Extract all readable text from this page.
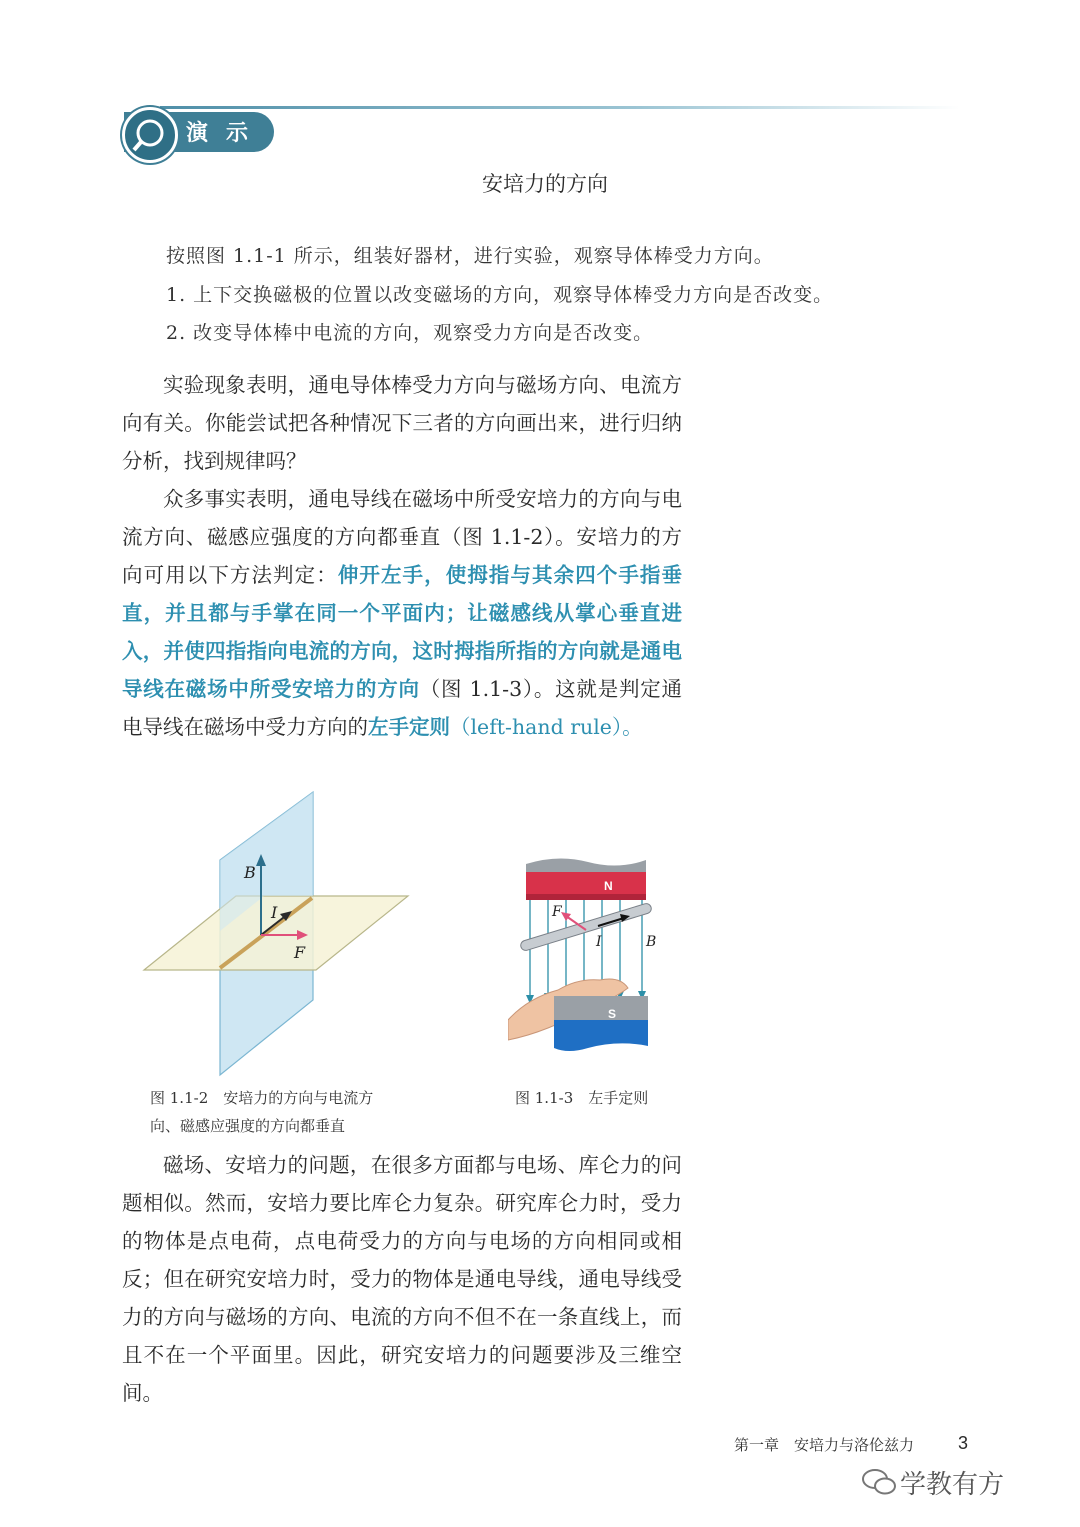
演示
安培力的方向
按照图 1.1-1 所示，组装好器材，进行实验，观察导体棒受力方向。
1. 上下交换磁极的位置以改变磁场的方向，观察导体棒受力方向是否改变。
2. 改变导体棒中电流的方向，观察受力方向是否改变。

实验现象表明，通电导体棒受力方向与磁场方向、电流方向有关。你能尝试把各种情况下三者的方向画出来，进行归纳分析，找到规律吗？

众多事实表明，通电导线在磁场中所受安培力的方向与电流方向、磁感应强度的方向都垂直（图 1.1-2）。安培力的方向可用以下方法判定：伸开左手，使拇指与其余四个手指垂直，并且都与手掌在同一个平面内；让磁感线从掌心垂直进入，并使四指指向电流的方向，这时拇指所指的方向就是通电导线在磁场中所受安培力的方向（图 1.1-3）。这就是判定通电导线在磁场中受力方向的左手定则（left-hand rule）。

B
I
F
图 1.1-2　安培力的方向与电流方
向、磁感应强度的方向都垂直
N
F
I	B
S
图 1.1-3　左手定则

磁场、安培力的问题，在很多方面都与电场、库仑力的问题相似。然而，安培力要比库仑力复杂。研究库仑力时，受力的物体是点电荷，点电荷受力的方向与电场的方向相同或相反；但在研究安培力时，受力的物体是通电导线，通电导线受力的方向与磁场的方向、电流的方向不但不在一条直线上，而且不在一个平面里。因此，研究安培力的问题要涉及三维空间。

第一章　安培力与洛伦兹力 3
学教有方
